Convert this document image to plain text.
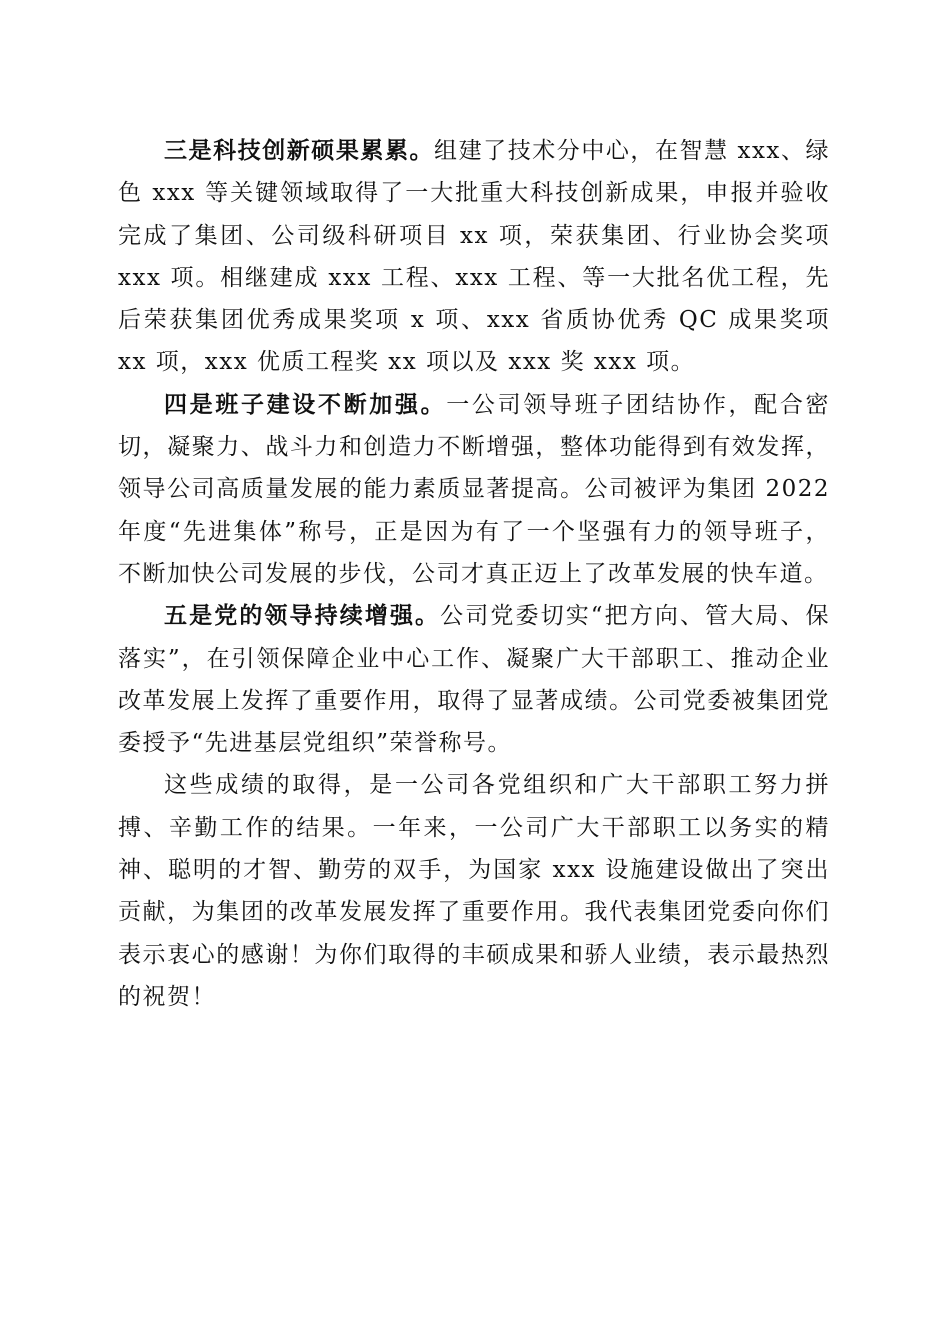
三是科技创新硕果累累。组建了技术分中心，在智慧 xxx、绿色 xxx 等关键领域取得了一大批重大科技创新成果，申报并验收完成了集团、公司级科研项目 xx 项，荣获集团、行业协会奖项 xxx 项。相继建成 xxx 工程、xxx 工程、等一大批名优工程，先后荣获集团优秀成果奖项 x 项、xxx 省质协优秀 QC 成果奖项 xx 项，xxx 优质工程奖 xx 项以及 xxx 奖 xxx 项。

四是班子建设不断加强。一公司领导班子团结协作，配合密切，凝聚力、战斗力和创造力不断增强，整体功能得到有效发挥，领导公司高质量发展的能力素质显著提高。公司被评为集团 2022 年度“先进集体”称号，正是因为有了一个坚强有力的领导班子，不断加快公司发展的步伐，公司才真正迈上了改革发展的快车道。

五是党的领导持续增强。公司党委切实“把方向、管大局、保落实”，在引领保障企业中心工作、凝聚广大干部职工、推动企业改革发展上发挥了重要作用，取得了显著成绩。公司党委被集团党委授予“先进基层党组织”荣誉称号。

这些成绩的取得，是一公司各党组织和广大干部职工努力拼搏、辛勤工作的结果。一年来，一公司广大干部职工以务实的精神、聪明的才智、勤劳的双手，为国家 xxx 设施建设做出了突出贡献，为集团的改革发展发挥了重要作用。我代表集团党委向你们表示衷心的感谢！为你们取得的丰硕成果和骄人业绩，表示最热烈的祝贺！
